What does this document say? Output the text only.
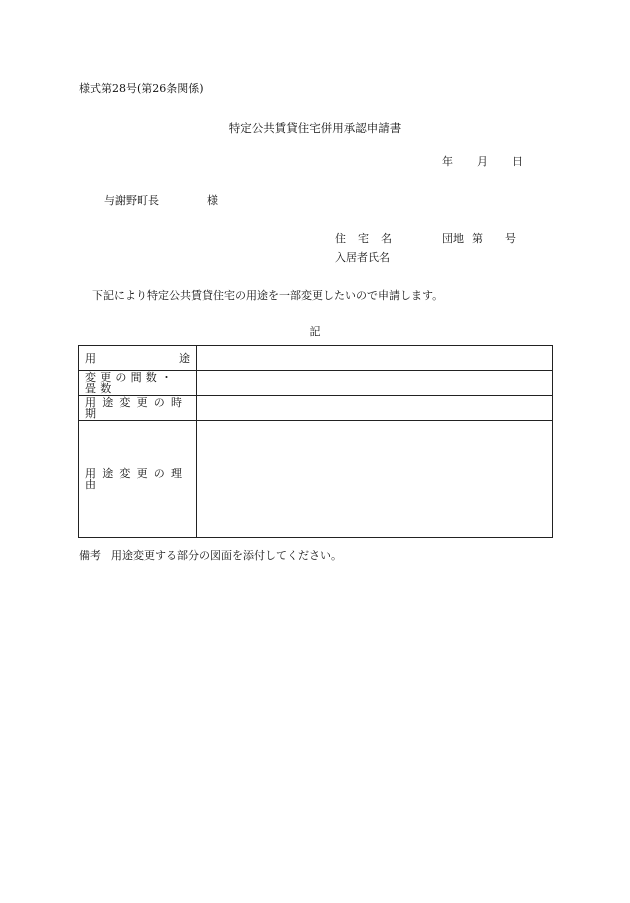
様式第28号(第26条関係)
特定公共賃貸住宅併用承認申請書
年 月 日
与謝野町長	様
住宅名	団地 第 号
入居者氏名
下記により特定公共賃貸住宅の用途を一部変更したいので申請します。
記
用 途	

変更の間数・畳数	
用途変更の時期	
用途変更の理由	
備考 用途変更する部分の図面を添付してください。
